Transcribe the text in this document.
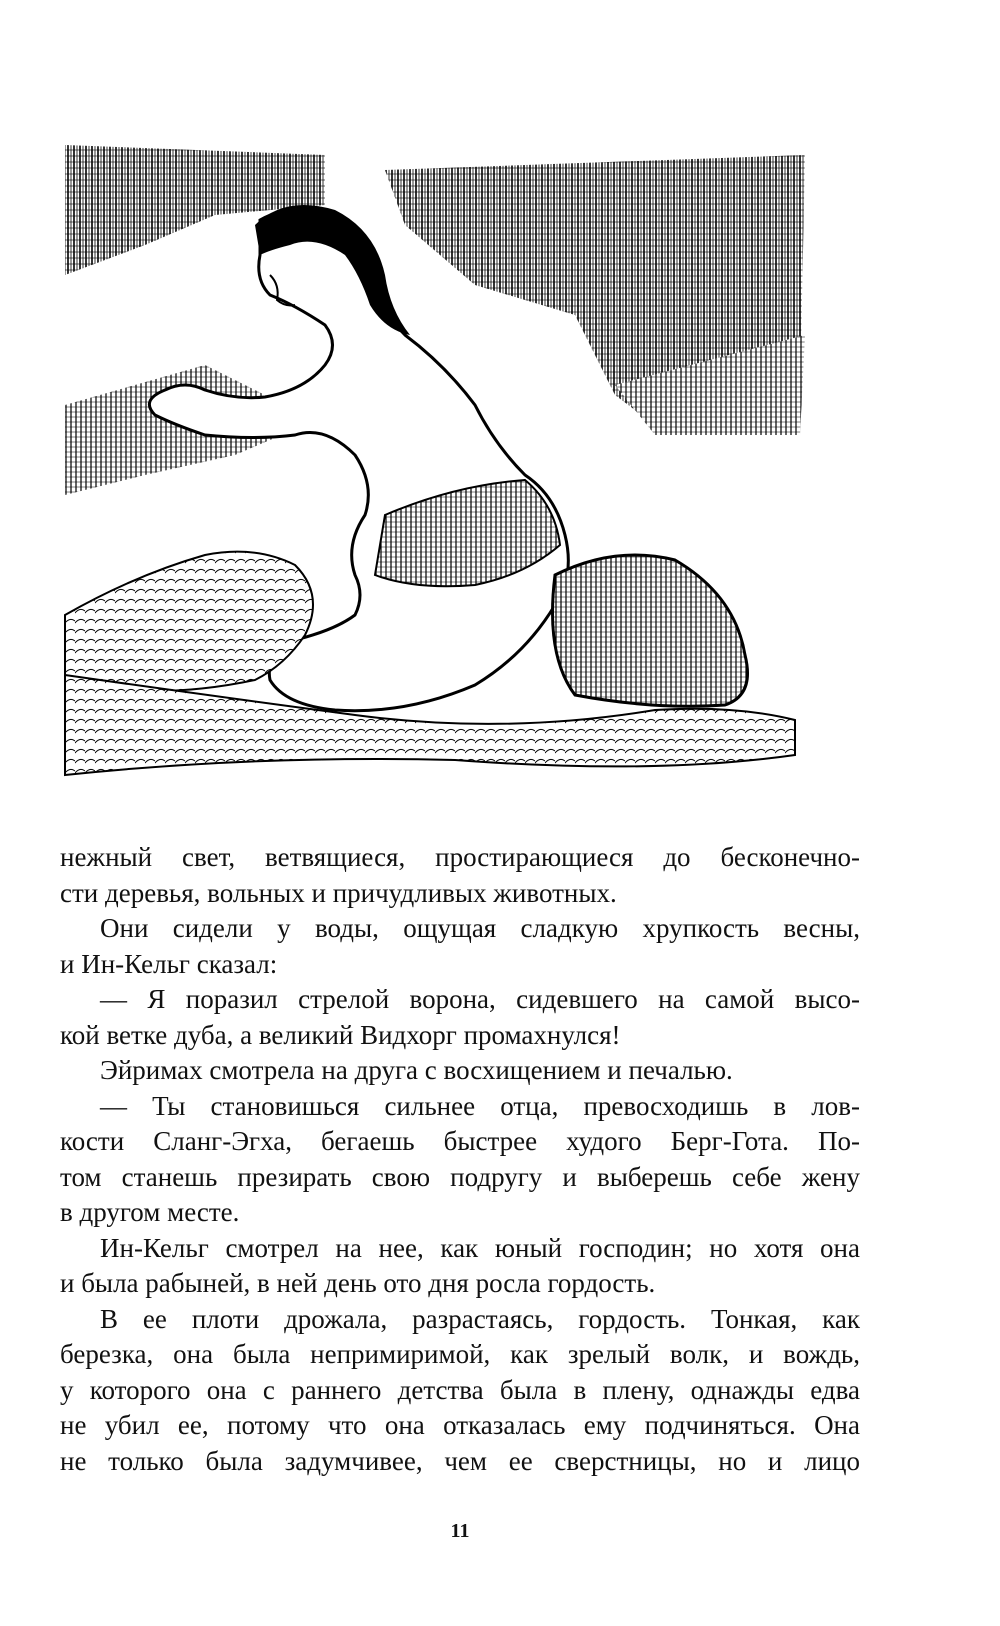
нежный свет, ветвящиеся, простирающиеся до бесконечно-
сти деревья, вольных и причудливых животных.
Они сидели у воды, ощущая сладкую хрупкость весны,
и Ин-Кельг сказал:
— Я поразил стрелой ворона, сидевшего на самой высо-
кой ветке дуба, а великий Видхорг промахнулся!
Эйримах смотрела на друга с восхищением и печалью.
— Ты становишься сильнее отца, превосходишь в лов-
кости Сланг-Эгха, бегаешь быстрее худого Берг-Гота. По-
том станешь презирать свою подругу и выберешь себе жену
в другом месте.
Ин-Кельг смотрел на нее, как юный господин; но хотя она
и была рабыней, в ней день ото дня росла гордость.
В ее плоти дрожала, разрастаясь, гордость. Тонкая, как
березка, она была непримиримой, как зрелый волк, и вождь,
у которого она с раннего детства была в плену, однажды едва
не убил ее, потому что она отказалась ему подчиняться. Она
не только была задумчивее, чем ее сверстницы, но и лицо
11
